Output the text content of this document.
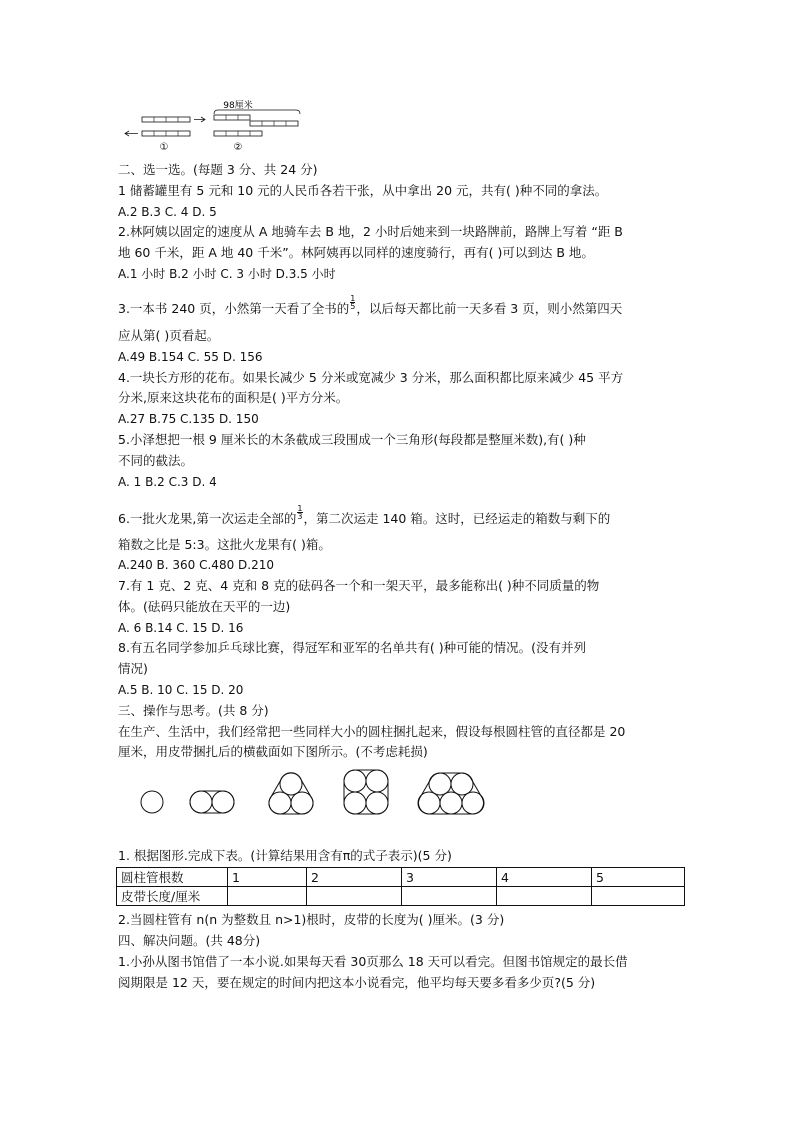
98厘米
①	②
二、选一选。(每题 3 分、共 24 分)
1 储蓄罐里有 5 元和 10 元的人民币各若干张，从中拿出 20 元，共有( )种不同的拿法。
A.2 B.3 C. 4 D. 5
2.林阿姨以固定的速度从 A 地骑车去 B 地，2 小时后她来到一块路牌前，路牌上写着 “距 B
地 60 千米，距 A 地 40 千米”。林阿姨再以同样的速度骑行，再有( )可以到达 B 地。
A.1 小时 B.2 小时 C. 3 小时 D.3.5 小时
3.一本书 240 页，小然第一天看了全书的 $\frac{1}{5}$ ，以后每天都比前一天多看 3 页，则小然第四天
应从第( )页看起。
A.49 B.154 C. 55 D. 156
4.一块长方形的花布。如果长减少 5 分米或宽减少 3 分米，那么面积都比原来减少 45 平方
分米,原来这块花布的面积是( )平方分米。
A.27 B.75 C.135 D. 150
5.小泽想把一根 9 厘米长的木条截成三段围成一个三角形(每段都是整厘米数),有( )种
不同的截法。
A. 1 B.2 C.3 D. 4
6.一批火龙果,第一次运走全部的 $\frac{1}{3}$ ，第二次运走 140 箱。这时，已经运走的箱数与剩下的
箱数之比是 5:3。这批火龙果有( )箱。
A.240 B. 360 C.480 D.210
7.有 1 克、2 克、4 克和 8 克的砝码各一个和一架天平，最多能称出( )种不同质量的物
体。(砝码只能放在天平的一边)
A. 6 B.14 C. 15 D. 16
8.有五名同学参加乒乓球比赛，得冠军和亚军的名单共有( )种可能的情况。(没有并列
情况)
A.5 B. 10 C. 15 D. 20
三、操作与思考。(共 8 分)
在生产、生活中，我们经常把一些同样大小的圆柱捆扎起来，假设每根圆柱管的直径都是 20
厘米，用皮带捆扎后的横截面如下图所示。(不考虑耗损)
1. 根据图形.完成下表。(计算结果用含有π的式子表示)(5 分)
圆柱管根数	1	2	3	4	5
皮带长度/厘米					
2.当圆柱管有 n(n 为整数且 n>1)根时，皮带的长度为( )厘米。(3 分)
四、解决问题。(共 48分)
1.小孙从图书馆借了一本小说.如果每天看 30页那么 18 天可以看完。但图书馆规定的最长借
阅期限是 12 天，要在规定的时间内把这本小说看完，他平均每天要多看多少页?(5 分)
